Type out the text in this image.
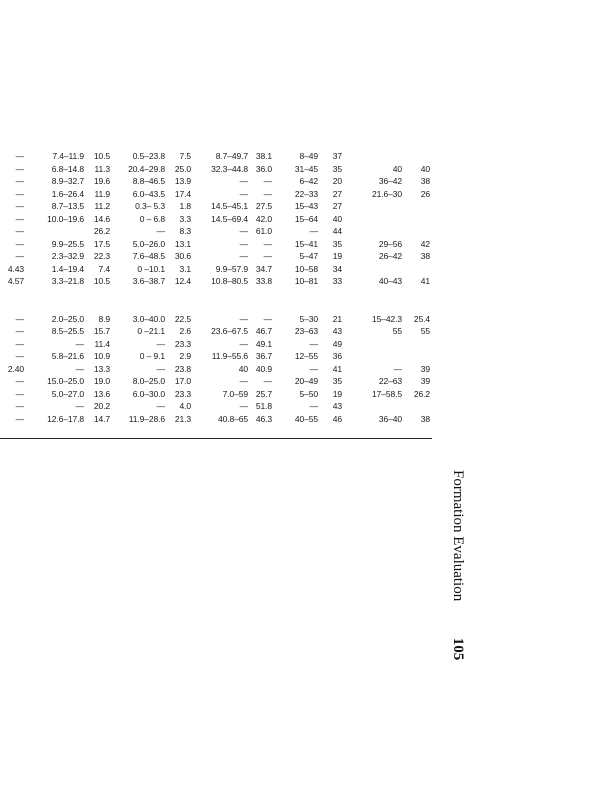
—	7.4–11.9	10.5	0.5–23.8	7.5	8.7–49.7 38.1	8–49	37
—	6.8–14.8	11.3	20.4–29.8	25.0	32.3–44.8 36.0	31–45	35	40	40
—	8.9–32.7	19.6	8.8–46.5	13.9	—	—	6–42	20	36–42	38
—	1.6–26.4	11.9	6.0–43.5	17.4	—	—	22–33	27	21.6–30	26
—	8.7–13.5	11.2	0.3– 5.3	1.8	14.5–45.1 27.5	15–43	27
—	10.0–19.6	14.6	0 – 6.8	3.3	14.5–69.4 42.0	15–64	40
—	26.2	—	8.3	— 61.0	—	44
—	9.9–25.5	17.5	5.0–26.0	13.1	—	—	15–41	35	29–56	42
—	2.3–32.9	22.3	7.6–48.5	30.6	—	—	5–47	19	26–42	38
4.43	1.4–19.4	7.4	0 –10.1	3.1	9.9–57.9 34.7	10–58	34
4.57	3.3–21.8	10.5	3.6–38.7	12.4	10.8–80.5 33.8	10–81	33	40–43	41
—	2.0–25.0	8.9	3.0–40.0	22.5	—	—	5–30	21	15–42.3	25.4
—	8.5–25.5	15.7	0 –21.1	2.6	23.6–67.5 46.7	23–63	43	55	55
—	—	11.4	—	23.3	— 49.1	—	49
—	5.8–21.6	10.9	0 – 9.1	2.9	11.9–55.6 36.7	12–55	36
2.40	—	13.3	—	23.8	40 40.9	—	41	—	39
—	15.0–25.0	19.0	8.0–25.0	17.0	—	—	20–49	35	22–63	39
—	5.0–27.0	13.6	6.0–30.0	23.3	7.0–59 25.7	5–50	19	17–58.5	26.2
—	—	20.2	—	4.0	— 51.8	—	43
—	12.6–17.8	14.7	11.9–28.6	21.3	40.8–65 46.3	40–55	46	36–40	38
Formation Evaluation 105
